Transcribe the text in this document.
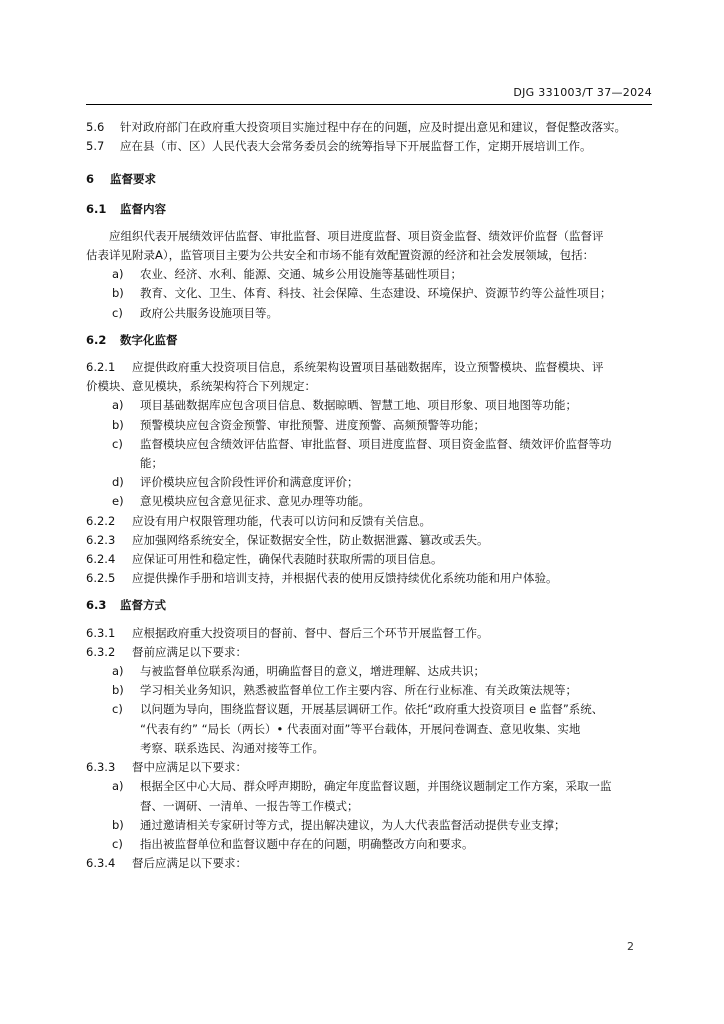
DJG 331003/T 37—2024
5.6 针对政府部门在政府重大投资项目实施过程中存在的问题，应及时提出意见和建议，督促整改落实。
5.7 应在县（市、区）人民代表大会常务委员会的统筹指导下开展监督工作，定期开展培训工作。
6 监督要求
6.1 监督内容
应组织代表开展绩效评估监督、审批监督、项目进度监督、项目资金监督、绩效评价监督（监督评
估表详见附录A），监管项目主要为公共安全和市场不能有效配置资源的经济和社会发展领域，包括：
a)	农业、经济、水利、能源、交通、城乡公用设施等基础性项目；
b)	教育、文化、卫生、体育、科技、社会保障、生态建设、环境保护、资源节约等公益性项目；
c)	政府公共服务设施项目等。
6.2 数字化监督
6.2.1 应提供政府重大投资项目信息，系统架构设置项目基础数据库，设立预警模块、监督模块、评
价模块、意见模块，系统架构符合下列规定：
a)	项目基础数据库应包含项目信息、数据晾晒、智慧工地、项目形象、项目地图等功能；
b)	预警模块应包含资金预警、审批预警、进度预警、高频预警等功能；
c)	监督模块应包含绩效评估监督、审批监督、项目进度监督、项目资金监督、绩效评价监督等功
能；
d)	评价模块应包含阶段性评价和满意度评价；
e)	意见模块应包含意见征求、意见办理等功能。
6.2.2 应设有用户权限管理功能，代表可以访问和反馈有关信息。
6.2.3 应加强网络系统安全，保证数据安全性，防止数据泄露、篡改或丢失。
6.2.4 应保证可用性和稳定性，确保代表随时获取所需的项目信息。
6.2.5 应提供操作手册和培训支持，并根据代表的使用反馈持续优化系统功能和用户体验。
6.3 监督方式
6.3.1 应根据政府重大投资项目的督前、督中、督后三个环节开展监督工作。
6.3.2 督前应满足以下要求：
a)	与被监督单位联系沟通，明确监督目的意义，增进理解、达成共识；
b)	学习相关业务知识，熟悉被监督单位工作主要内容、所在行业标准、有关政策法规等；
c)	以问题为导向，围绕监督议题，开展基层调研工作。依托“政府重大投资项目 e 监督”系统、
“代表有约” “局长（两长）• 代表面对面”等平台载体，开展问卷调查、意见收集、实地
考察、联系选民、沟通对接等工作。
6.3.3 督中应满足以下要求：
a)	根据全区中心大局、群众呼声期盼，确定年度监督议题，并围绕议题制定工作方案，采取一监
督、一调研、一清单、一报告等工作模式；
b)	通过邀请相关专家研讨等方式，提出解决建议，为人大代表监督活动提供专业支撑；
c)	指出被监督单位和监督议题中存在的问题，明确整改方向和要求。
6.3.4 督后应满足以下要求：
2
